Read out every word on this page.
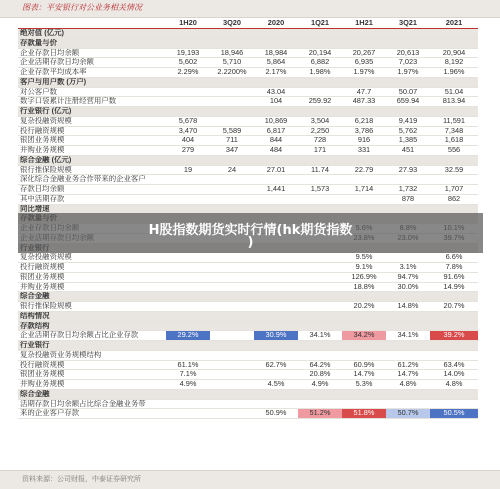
图表：平安银行对公业务相关情况
	1H20	3Q20	2020	1Q21	1H21	3Q21	2021
绝对值 (亿元)							
存款量与价							
企业存款日均余额	19,193	18,946	18,984	20,194	20,267	20,613	20,904
企业活期存款日均余额	5,602	5,710	5,864	6,882	6,935	7,023	8,192
企业存款平均成本率	2.29%	2.2200%	2.17%	1.98%	1.97%	1.97%	1.96%
客户与用户数 (万户)							
对公客户数			43.04		47.7	50.07	51.04
数字口袋累计注册经营用户数			104	259.92	487.33	659.94	813.94
行业银行 (亿元)							
复杂投融资规模	5,678		10,869	3,504	6,218	9,419	11,591
投行融资规模	3,470	5,589	6,817	2,250	3,786	5,762	7,348
银团业务规模	404	711	844	728	916	1,385	1,618
并购业务规模	279	347	484	171	331	451	556
综合金融 (亿元)							
银行推保险规模	19	24	27.01	11.74	22.79	27.93	32.59
深化综合金融业务合作带来的企业客户							
存款日均余额			1,441	1,573	1,714	1,732	1,707
其中活期存款						878	862
同比增速							

复杂投融资规模					9.5%		6.6%
投行融资规模					9.1%	3.1%	7.8%
银团业务规模					126.9%	94.7%	91.6%
并购业务规模					18.8%	30.0%	14.9%
综合金融							
银行推保险规模					20.2%	14.8%	20.7%
结构情况							
存款结构							
企业活期存款日均余额占比企业存款	29.2%		30.9%	34.1%	34.2%	34.1%	39.2%
行业银行							
复杂投融资业务规模结构							
投行融资规模	61.1%		62.7%	64.2%	60.9%	61.2%	63.4%
银团业务规模	7.1%			20.8%	14.7%	14.7%	14.0%
并购业务规模	4.9%		4.5%	4.9%	5.3%	4.8%	4.8%
综合金融							
活期存款日均余额占比综合金融业务带							
来的企业客户存款			50.9%	51.2%	51.8%	50.7%	50.5%
H股指数期货实时行情(hk期货指数
)
资料来源：公司财报，中泰证券研究所
